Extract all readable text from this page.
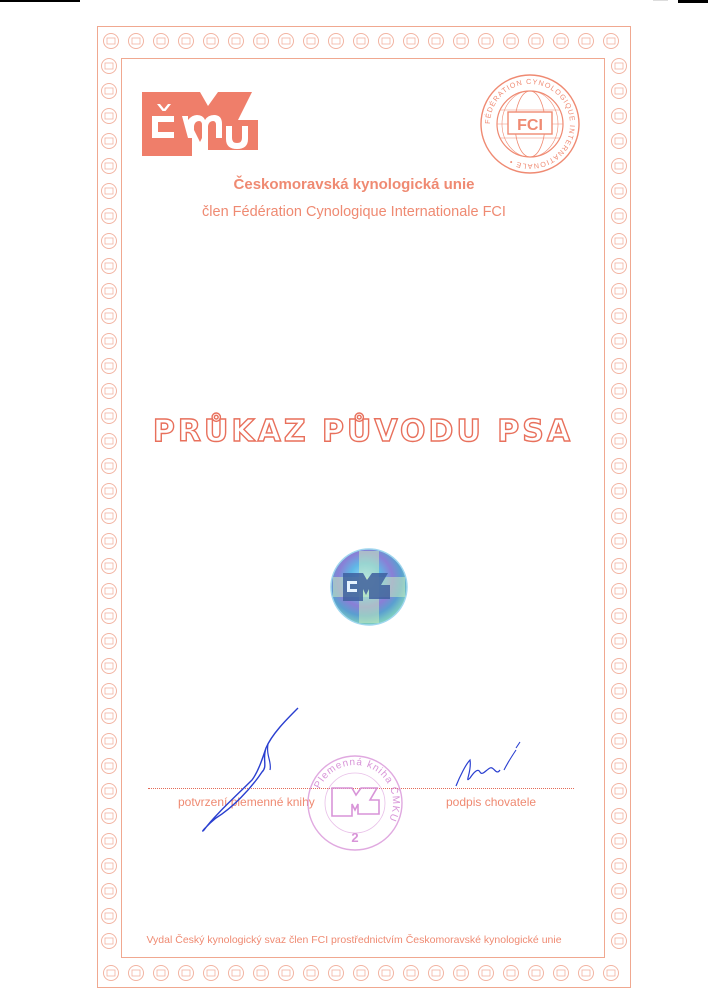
FCI
FÉDÉRATION CYNOLOGIQUE INTERNATIONALE •
Českomoravská kynologická unie
člen Fédération Cynologique Internationale FCI
PRŮKAZ PŮVODU PSA
potvrzení plemenné knihy	podpis chovatele
Plemenná kniha ČMKU
2
Vydal Český kynologický svaz člen FCI prostřednictvím Českomoravské kynologické unie
